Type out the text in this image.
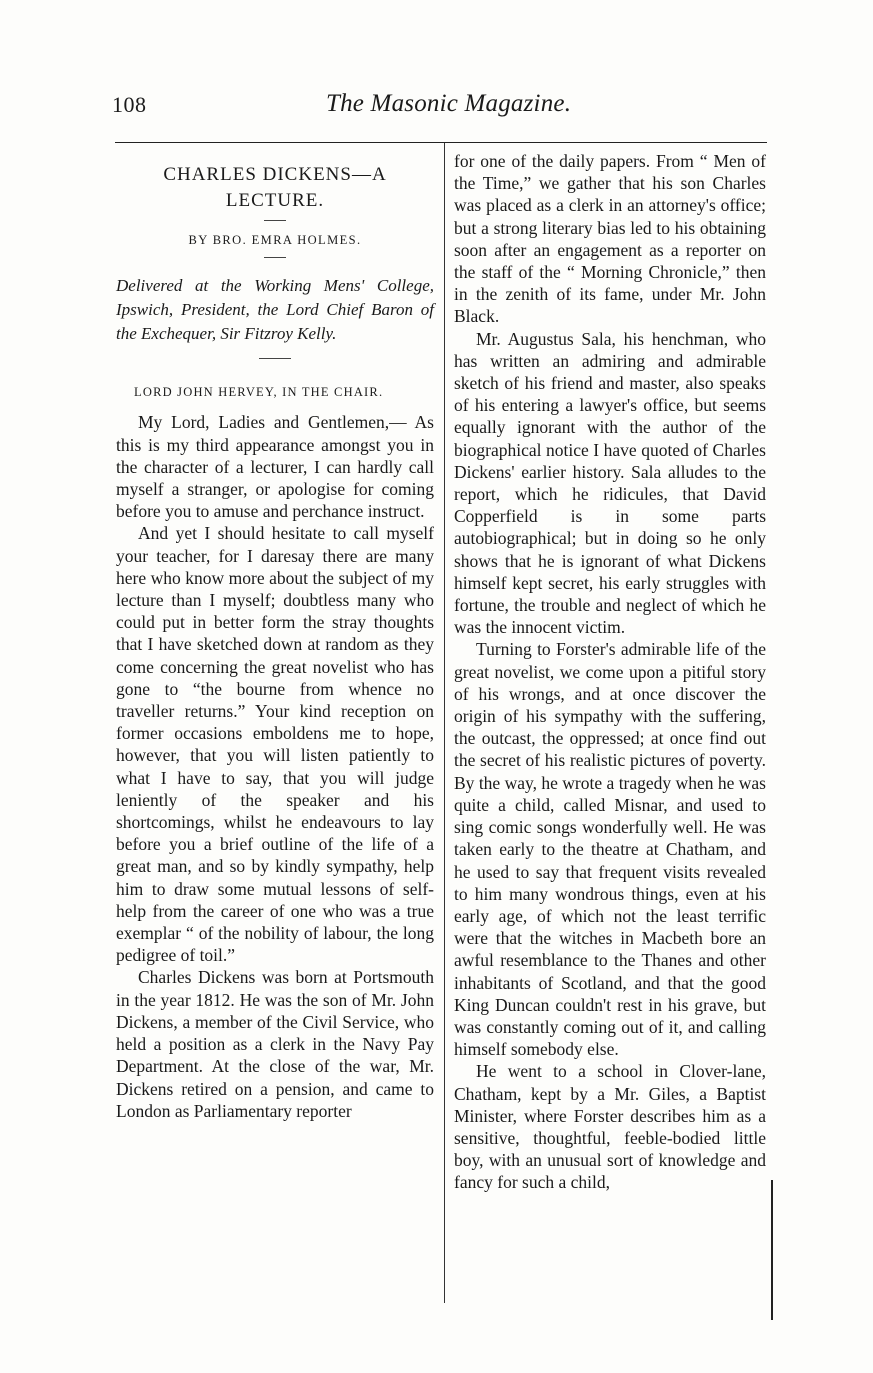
108	The Masonic Magazine.
CHARLES DICKENS—A
LECTURE.
BY BRO. EMRA HOLMES.
Delivered at the Working Mens' College, Ipswich, President, the Lord Chief Baron of the Exchequer, Sir Fitzroy Kelly.
LORD JOHN HERVEY, IN THE CHAIR.

My Lord, Ladies and Gentlemen,— As this is my third appearance amongst you in the character of a lecturer, I can hardly call myself a stranger, or apologise for coming before you to amuse and perchance instruct.

And yet I should hesitate to call myself your teacher, for I daresay there are many here who know more about the subject of my lecture than I myself; doubtless many who could put in better form the stray thoughts that I have sketched down at random as they come concerning the great novelist who has gone to “the bourne from whence no traveller returns.” Your kind reception on former occasions emboldens me to hope, however, that you will listen patiently to what I have to say, that you will judge leniently of the speaker and his shortcomings, whilst he endeavours to lay before you a brief outline of the life of a great man, and so by kindly sympathy, help him to draw some mutual lessons of self-help from the career of one who was a true exemplar “ of the nobility of labour, the long pedigree of toil.”

Charles Dickens was born at Portsmouth in the year 1812. He was the son of Mr. John Dickens, a member of the Civil Service, who held a position as a clerk in the Navy Pay Department. At the close of the war, Mr. Dickens retired on a pension, and came to London as Parliamentary reporter

for one of the daily papers. From “ Men of the Time,” we gather that his son Charles was placed as a clerk in an attorney's office; but a strong literary bias led to his obtaining soon after an engagement as a reporter on the staff of the “ Morning Chronicle,” then in the zenith of its fame, under Mr. John Black.

Mr. Augustus Sala, his henchman, who has written an admiring and admirable sketch of his friend and master, also speaks of his entering a lawyer's office, but seems equally ignorant with the author of the biographical notice I have quoted of Charles Dickens' earlier history. Sala alludes to the report, which he ridicules, that David Copperfield is in some parts autobiographical; but in doing so he only shows that he is ignorant of what Dickens himself kept secret, his early struggles with fortune, the trouble and neglect of which he was the innocent victim.

Turning to Forster's admirable life of the great novelist, we come upon a pitiful story of his wrongs, and at once discover the origin of his sympathy with the suffering, the outcast, the oppressed; at once find out the secret of his realistic pictures of poverty. By the way, he wrote a tragedy when he was quite a child, called Misnar, and used to sing comic songs wonderfully well. He was taken early to the theatre at Chatham, and he used to say that frequent visits revealed to him many wondrous things, even at his early age, of which not the least terrific were that the witches in Macbeth bore an awful resemblance to the Thanes and other inhabitants of Scotland, and that the good King Duncan couldn't rest in his grave, but was constantly coming out of it, and calling himself somebody else.

He went to a school in Clover-lane, Chatham, kept by a Mr. Giles, a Baptist Minister, where Forster describes him as a sensitive, thoughtful, feeble-bodied little boy, with an unusual sort of knowledge and fancy for such a child,
